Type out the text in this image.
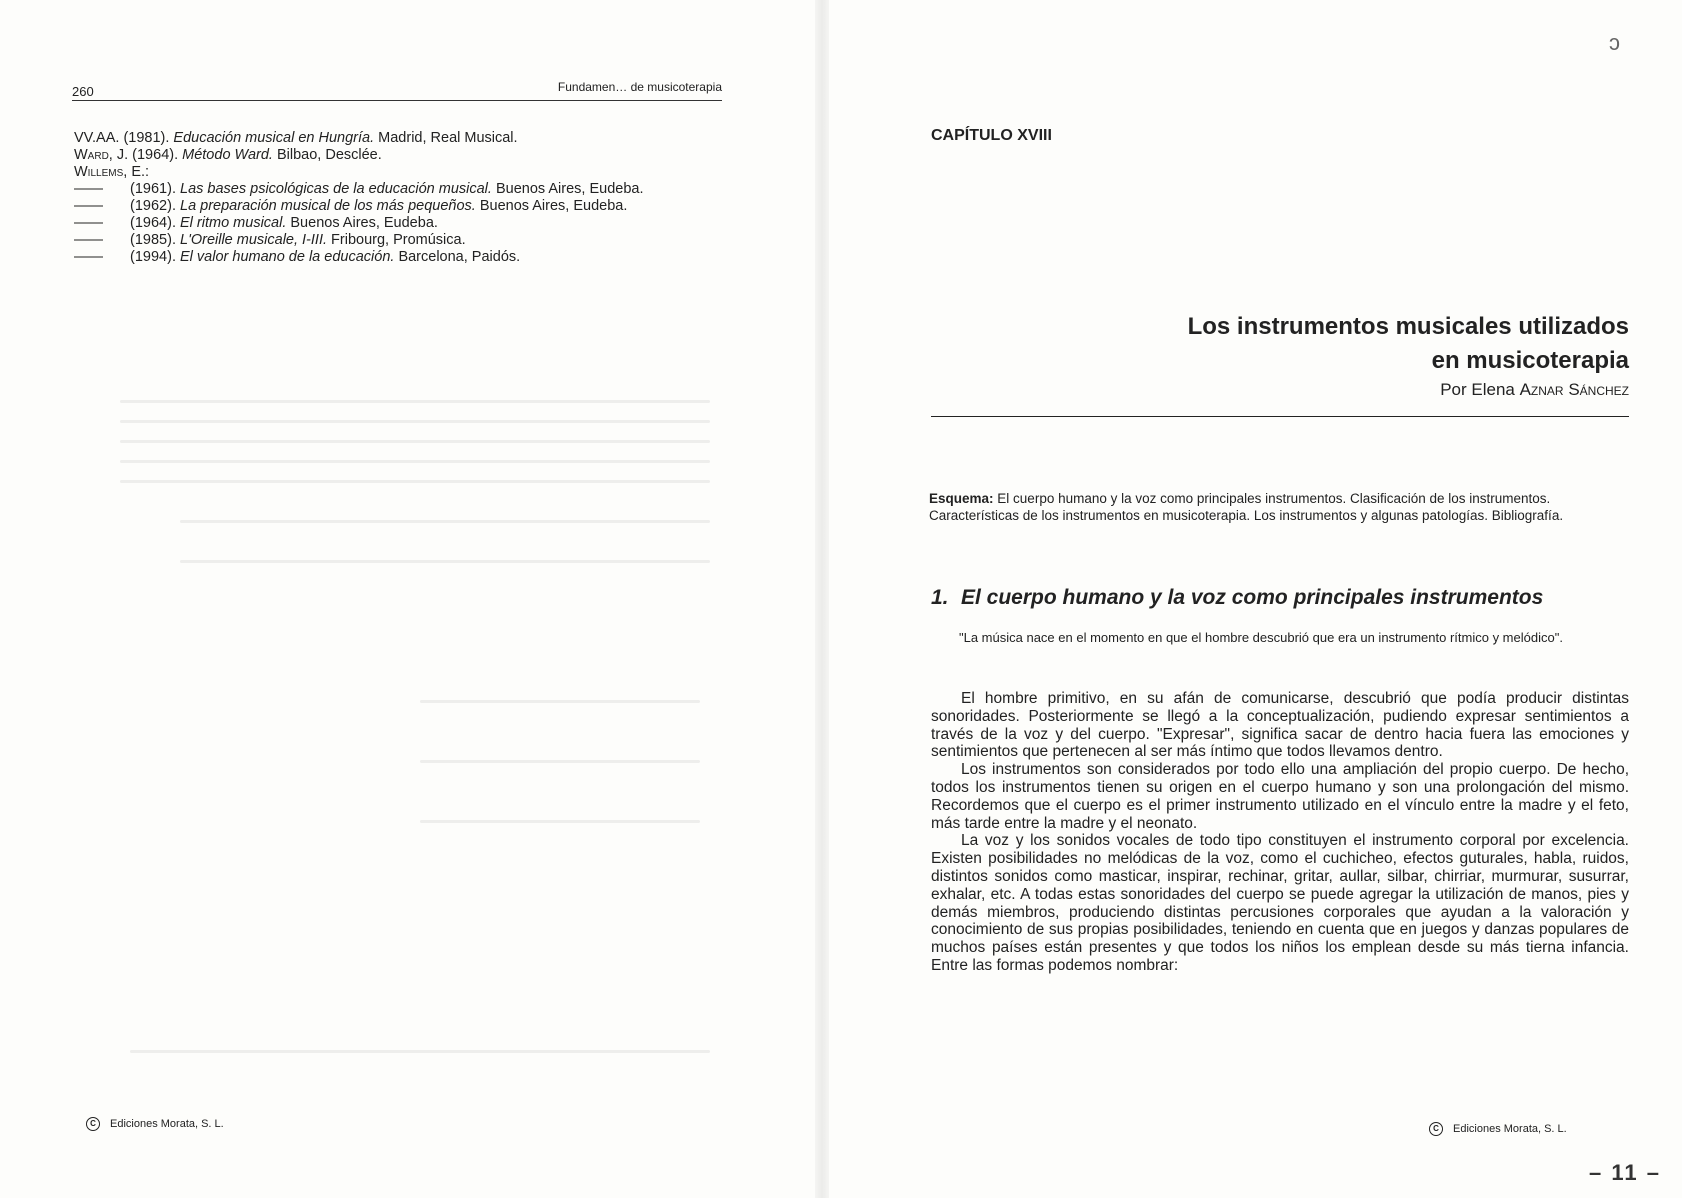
260	Fundamen… de musicoterapia
VV.AA. (1981). Educación musical en Hungría. Madrid, Real Musical.
Ward, J. (1964). Método Ward. Bilbao, Desclée.
Willems, E.:
—— (1961). Las bases psicológicas de la educación musical. Buenos Aires, Eudeba.
—— (1962). La preparación musical de los más pequeños. Buenos Aires, Eudeba.
—— (1964). El ritmo musical. Buenos Aires, Eudeba.
—— (1985). L'Oreille musicale, I-III. Fribourg, Promúsica.
—— (1994). El valor humano de la educación. Barcelona, Paidós.
C Ediciones Morata, S. L.
ↄ
CAPÍTULO XVIII
Los instrumentos musicales utilizados
en musicoterapia
Por Elena Aznar Sánchez
Esquema: El cuerpo humano y la voz como principales instrumentos. Clasificación de los instrumentos. Características de los instrumentos en musicoterapia. Los instrumentos y algunas patologías. Bibliografía.
1. El cuerpo humano y la voz como principales instrumentos
"La música nace en el momento en que el hombre descubrió que era un instrumento rítmico y melódico".

El hombre primitivo, en su afán de comunicarse, descubrió que podía producir distintas sonoridades. Posteriormente se llegó a la conceptualización, pudiendo expresar sentimientos a través de la voz y del cuerpo. "Expresar", significa sacar de dentro hacia fuera las emociones y sentimientos que pertenecen al ser más íntimo que todos llevamos dentro.

Los instrumentos son considerados por todo ello una ampliación del propio cuerpo. De hecho, todos los instrumentos tienen su origen en el cuerpo humano y son una prolongación del mismo. Recordemos que el cuerpo es el primer instrumento utilizado en el vínculo entre la madre y el feto, más tarde entre la madre y el neonato.

La voz y los sonidos vocales de todo tipo constituyen el instrumento corporal por excelencia. Existen posibilidades no melódicas de la voz, como el cuchicheo, efectos guturales, habla, ruidos, distintos sonidos como masticar, inspirar, rechinar, gritar, aullar, silbar, chirriar, murmurar, susurrar, exhalar, etc. A todas estas sonoridades del cuerpo se puede agregar la utilización de manos, pies y demás miembros, produciendo distintas percusiones corporales que ayudan a la valoración y conocimiento de sus propias posibilidades, teniendo en cuenta que en juegos y danzas populares de muchos países están presentes y que todos los niños los emplean desde su más tierna infancia. Entre las formas podemos nombrar:

C Ediciones Morata, S. L.
– 11 –
